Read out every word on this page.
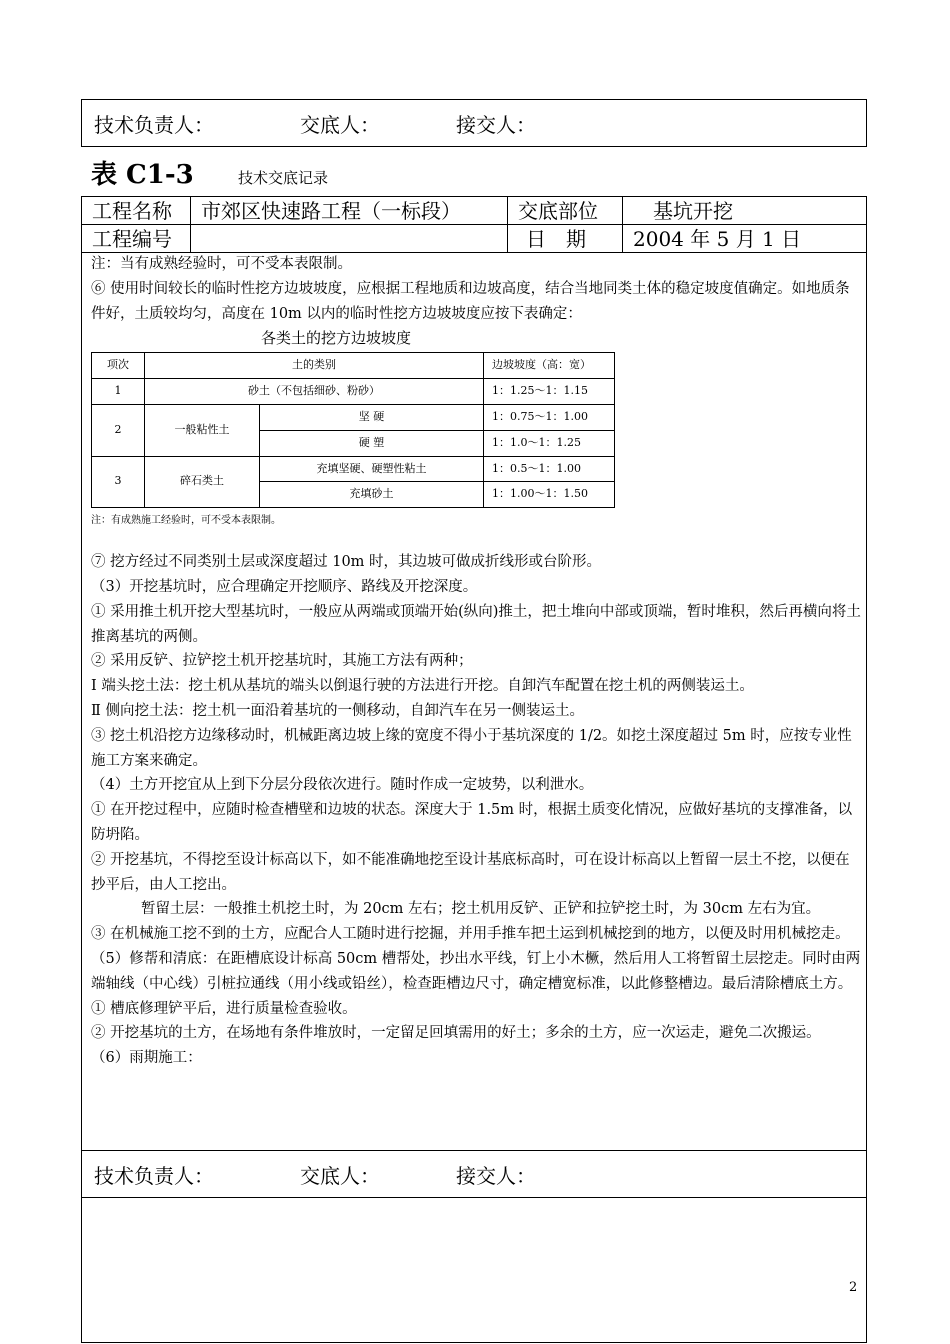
技术负责人：	交底人：	接交人：
表 C1-3	技术交底记录
工程名称	市郊区快速路工程（一标段）	交底部位	基坑开挖
工程编号		日　期	2004 年 5 月 1 日

注：当有成熟经验时，可不受本表限制。

⑥ 使用时间较长的临时性挖方边坡坡度，应根据工程地质和边坡高度，结合当地同类土体的稳定坡度值确定。如地质条件好，土质较均匀，高度在 10m 以内的临时性挖方边坡坡度应按下表确定：

各类土的挖方边坡坡度

项次	土的类别		边坡坡度（高：宽）
1	砂土（不包括细砂、粉砂）		1：1.25～1：1.15
2	一般粘性土	坚 硬	1：0.75～1：1.00
		硬 塑	1：1.0～1：1.25
3	碎石类土	充填坚硬、硬塑性粘土	1：0.5～1：1.00
		充填砂土	1：1.00～1：1.50

注：有成熟施工经验时，可不受本表限制。

⑦ 挖方经过不同类别土层或深度超过 10m 时，其边坡可做成折线形或台阶形。

（3）开挖基坑时，应合理确定开挖顺序、路线及开挖深度。

① 采用推土机开挖大型基坑时，一般应从两端或顶端开始(纵向)推土，把土堆向中部或顶端，暂时堆积，然后再横向将土推离基坑的两侧。

② 采用反铲、拉铲挖土机开挖基坑时，其施工方法有两种；

Ⅰ 端头挖土法：挖土机从基坑的端头以倒退行驶的方法进行开挖。自卸汽车配置在挖土机的两侧装运土。

Ⅱ 侧向挖土法：挖土机一面沿着基坑的一侧移动，自卸汽车在另一侧装运土。

③ 挖土机沿挖方边缘移动时，机械距离边坡上缘的宽度不得小于基坑深度的 1/2。如挖土深度超过 5m 时，应按专业性施工方案来确定。

（4）土方开挖宜从上到下分层分段依次进行。随时作成一定坡势，以利泄水。

① 在开挖过程中，应随时检查槽壁和边坡的状态。深度大于 1.5m 时，根据土质变化情况，应做好基坑的支撑准备，以防坍陷。

② 开挖基坑，不得挖至设计标高以下，如不能准确地挖至设计基底标高时，可在设计标高以上暂留一层土不挖，以便在抄平后，由人工挖出。

暂留土层：一般推土机挖土时，为 20cm 左右；挖土机用反铲、正铲和拉铲挖土时，为 30cm 左右为宜。

③ 在机械施工挖不到的土方，应配合人工随时进行挖掘，并用手推车把土运到机械挖到的地方，以便及时用机械挖走。

（5）修帮和清底：在距槽底设计标高 50cm 槽帮处，抄出水平线，钉上小木橛，然后用人工将暂留土层挖走。同时由两端轴线（中心线）引桩拉通线（用小线或铅丝），检查距槽边尺寸，确定槽宽标准，以此修整槽边。最后清除槽底土方。

① 槽底修理铲平后，进行质量检查验收。

② 开挖基坑的土方，在场地有条件堆放时，一定留足回填需用的好土；多余的土方，应一次运走，避免二次搬运。

（6）雨期施工：

技术负责人：	交底人：	接交人：
2
